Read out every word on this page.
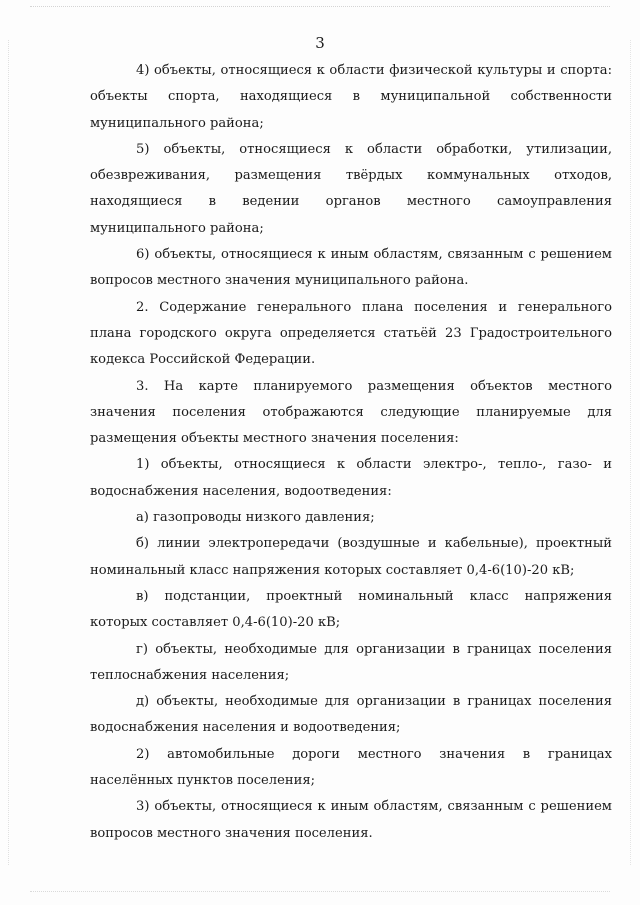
3

4) объекты, относящиеся к области физической культуры и спорта: объекты спорта, находящиеся в муниципальной собственности муниципального района;

5) объекты, относящиеся к области обработки, утилизации, обезвреживания, размещения твёрдых коммунальных отходов, находящиеся в ведении органов местного самоуправления муниципального района;

6) объекты, относящиеся к иным областям, связанным с решением вопросов местного значения муниципального района.

2. Содержание генерального плана поселения и генерального плана городского округа определяется статьёй 23 Градостроительного кодекса Российской Федерации.

3. На карте планируемого размещения объектов местного значения поселения отображаются следующие планируемые для размещения объекты местного значения поселения:

1) объекты, относящиеся к области электро-, тепло-, газо- и водоснабжения населения, водоотведения:

а) газопроводы низкого давления;

б) линии электропередачи (воздушные и кабельные), проектный номинальный класс напряжения которых составляет 0,4-6(10)-20 кВ;

в) подстанции, проектный номинальный класс напряжения которых составляет 0,4-6(10)-20 кВ;

г) объекты, необходимые для организации в границах поселения теплоснабжения населения;

д) объекты, необходимые для организации в границах поселения водоснабжения населения и водоотведения;

2) автомобильные дороги местного значения в границах населённых пунктов поселения;

3) объекты, относящиеся к иным областям, связанным с решением вопросов местного значения поселения.
